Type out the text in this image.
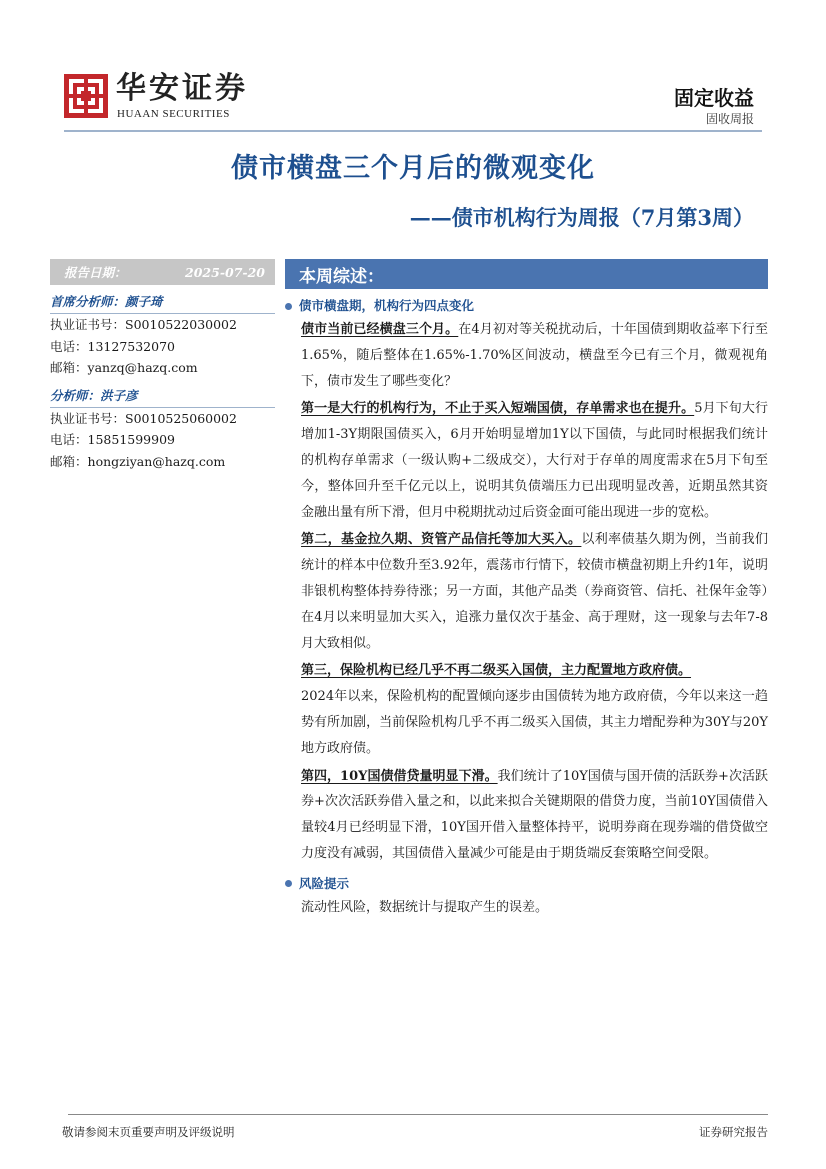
华安证券
HUAAN SECURITIES
固定收益
固收周报
债市横盘三个月后的微观变化
——债市机构行为周报（7月第3周）
报告日期：	2025-07-20
首席分析师：颜子琦
执业证书号：S0010522030002
电话：13127532070
邮箱：yanzq@hazq.com
分析师：洪子彦
执业证书号：S0010525060002
电话：15851599909
邮箱：hongziyan@hazq.com
本周综述：
债市横盘期，机构行为四点变化

债市当前已经横盘三个月。在4月初对等关税扰动后，十年国债到期收益率下行至1.65%，随后整体在1.65%-1.70%区间波动，横盘至今已有三个月，微观视角下，债市发生了哪些变化？

第一是大行的机构行为，不止于买入短端国债，存单需求也在提升。5月下旬大行增加1-3Y期限国债买入，6月开始明显增加1Y以下国债，与此同时根据我们统计的机构存单需求（一级认购+二级成交），大行对于存单的周度需求在5月下旬至今，整体回升至千亿元以上，说明其负债端压力已出现明显改善，近期虽然其资金融出量有所下滑，但月中税期扰动过后资金面可能出现进一步的宽松。

第二，基金拉久期、资管产品信托等加大买入。以利率债基久期为例，当前我们统计的样本中位数升至3.92年，震荡市行情下，较债市横盘初期上升约1年，说明非银机构整体持券待涨；另一方面，其他产品类（券商资管、信托、社保年金等）在4月以来明显加大买入，追涨力量仅次于基金、高于理财，这一现象与去年7-8月大致相似。

第三，保险机构已经几乎不再二级买入国债，主力配置地方政府债。
2024年以来，保险机构的配置倾向逐步由国债转为地方政府债，今年以来这一趋势有所加剧，当前保险机构几乎不再二级买入国债，其主力增配券种为30Y与20Y地方政府债。

第四，10Y国债借贷量明显下滑。我们统计了10Y国债与国开债的活跃券+次活跃券+次次活跃券借入量之和，以此来拟合关键期限的借贷力度，当前10Y国债借入量较4月已经明显下滑，10Y国开借入量整体持平，说明券商在现券端的借贷做空力度没有减弱，其国债借入量减少可能是由于期货端反套策略空间受限。

风险提示

流动性风险，数据统计与提取产生的误差。

敬请参阅末页重要声明及评级说明	证券研究报告
